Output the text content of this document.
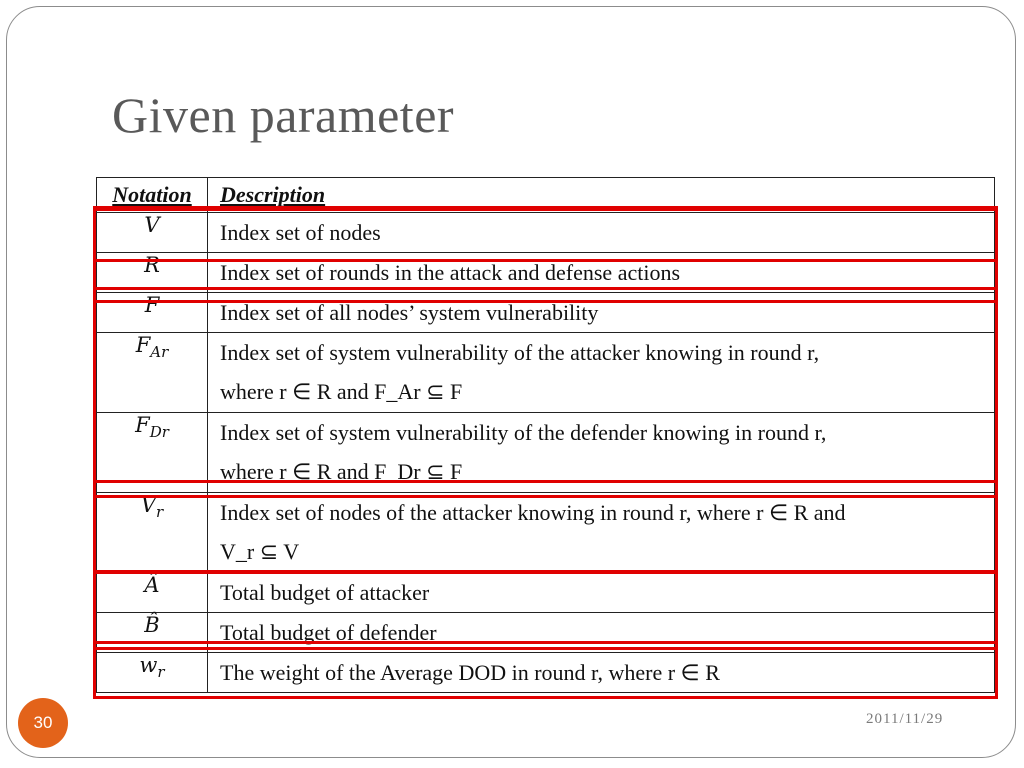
Given parameter
Notation	Description
V	Index set of nodes
R	Index set of rounds in the attack and defense actions
F	Index set of all nodes’ system vulnerability
$F_{Ar}$	Index set of system vulnerability of the attacker knowing in round r,
where r ∈ R and F_Ar ⊆ F

$F_{Dr}$	Index set of system vulnerability of the defender knowing in round r,
where r ∈ R and F_Dr ⊆ F

$V_r$	Index set of nodes of the attacker knowing in round r, where r ∈ R and
V_r ⊆ V

Â	Total budget of attacker
B̂	Total budget of defender
$w_r$	The weight of the Average DOD in round r, where r ∈ R
30	2011/11/29
